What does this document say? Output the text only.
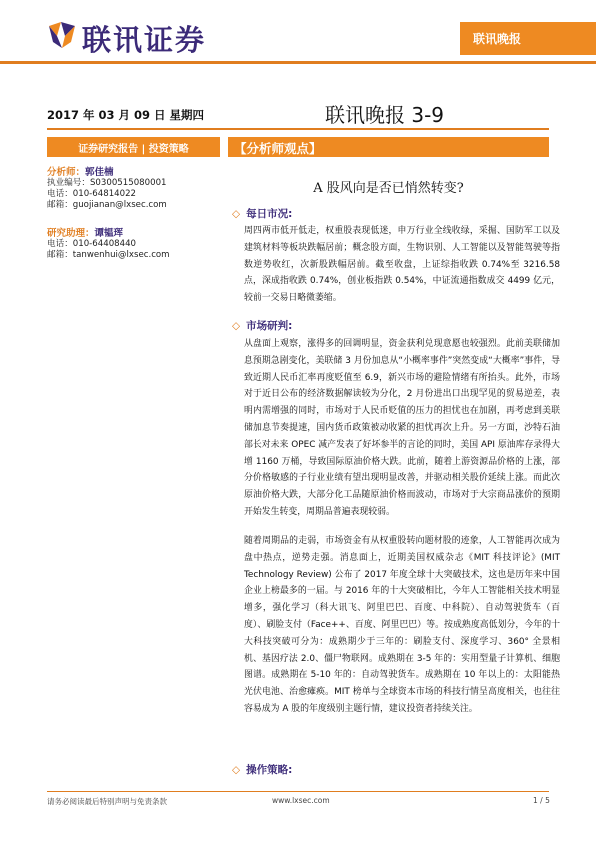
联讯证券	联讯晚报
2017 年 03 月 09 日 星期四	联讯晚报 3-9
证券研究报告 | 投资策略	【分析师观点】
分析师：郭佳楠
执业编号：S0300515080001
电话：010-64814022
邮箱：guojianan@lxsec.com
研究助理：谭韫珲
电话：010-64408440
邮箱：tanwenhui@lxsec.com
A 股风向是否已悄然转变?
◇ 每日市况:
周四两市低开低走，权重股表现低迷，申万行业全线收绿，采掘、国防军工以及建筑材料等板块跌幅居前；概念股方面，生物识别、人工智能以及智能驾驶等指数逆势收红，次新股跌幅居前。截至收盘，上证综指收跌 0.74%至 3216.58 点，深成指收跌 0.74%，创业板指跌 0.54%，中证流通指数成交 4499 亿元，较前一交易日略微萎缩。
◇ 市场研判:
从盘面上观察，涨得多的回调明显，资金获利兑现意愿也较强烈。此前美联储加息预期急剧变化，美联储 3 月份加息从“小概率事件”突然变成“大概率”事件，导致近期人民币汇率再度贬值至 6.9，新兴市场的避险情绪有所抬头。此外，市场对于近日公布的经济数据解读较为分化，2 月份进出口出现罕见的贸易逆差，表明内需增强的同时，市场对于人民币贬值的压力的担忧也在加剧，再考虑到美联储加息节奏提速，国内货币政策被动收紧的担忧再次上升。另一方面，沙特石油部长对未来 OPEC 减产发表了好坏参半的言论的同时，美国 API 原油库存录得大增 1160 万桶，导致国际原油价格大跌。此前，随着上游资源品价格的上涨，部分价格敏感的子行业业绩有望出现明显改善，并驱动相关股价延续上涨。而此次原油价格大跌，大部分化工品随原油价格而波动，市场对于大宗商品涨价的预期开始发生转变，周期品普遍表现较弱。
随着周期品的走弱，市场资金有从权重股转向题材股的迹象，人工智能再次成为盘中热点，逆势走强。消息面上，近期美国权威杂志《MIT 科技评论》(MIT Technology Review) 公布了 2017 年度全球十大突破技术，这也是历年来中国企业上榜最多的一届。与 2016 年的十大突破相比，今年人工智能相关技术明显增多，强化学习（科大讯飞、阿里巴巴、百度、中科院）、自动驾驶货车（百度）、刷脸支付（Face++、百度、阿里巴巴）等。按成熟度高低划分，今年的十大科技突破可分为：成熟期少于三年的：刷脸支付、深度学习、360° 全景相机、基因疗法 2.0、僵尸物联网。成熟期在 3-5 年的：实用型量子计算机、细胞图谱。成熟期在 5-10 年的：自动驾驶货车。成熟期在 10 年以上的：太阳能热光伏电池、治愈瘫痪。MIT 榜单与全球资本市场的科技行情呈高度相关，也往往容易成为 A 股的年度级别主题行情，建议投资者持续关注。
◇ 操作策略:
请务必阅读最后特别声明与免责条款	www.lxsec.com	1 / 5
